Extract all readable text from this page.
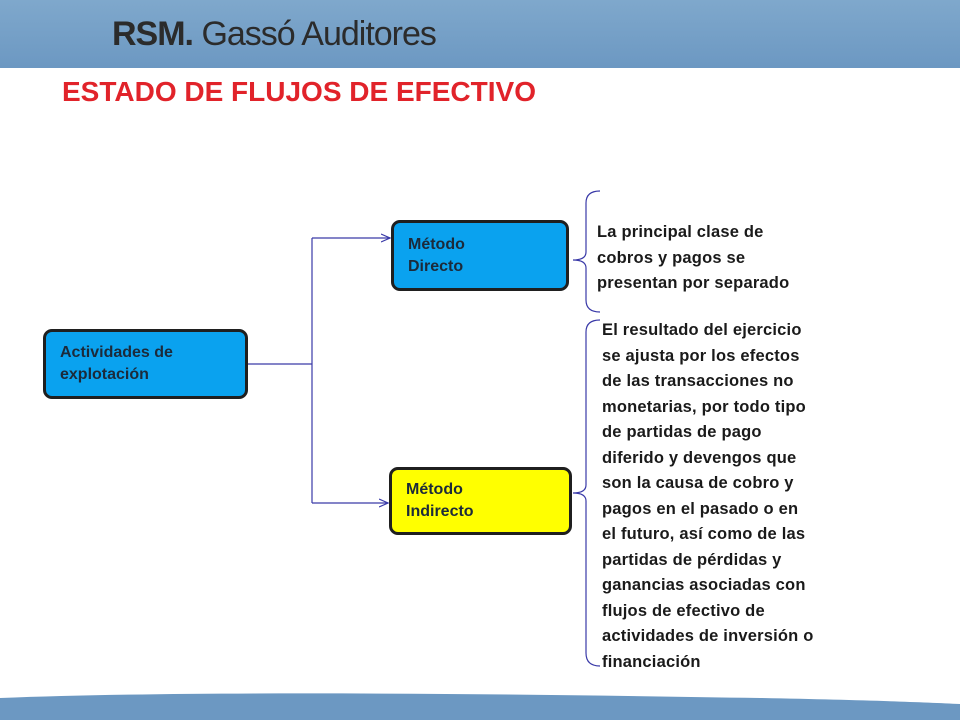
RSM. Gassó Auditores
ESTADO DE FLUJOS DE EFECTIVO
Actividades de
explotación
Método
Directo
Método
Indirecto
La principal clase de
cobros y pagos se
presentan por separado
El resultado del ejercicio
se ajusta por los efectos
de las transacciones no
monetarias, por todo tipo
de partidas de pago
diferido y devengos que
son la causa de cobro y
pagos en el pasado o en
el futuro, así como de las
partidas de pérdidas y
ganancias asociadas con
flujos de efectivo de
actividades de inversión o
financiación
